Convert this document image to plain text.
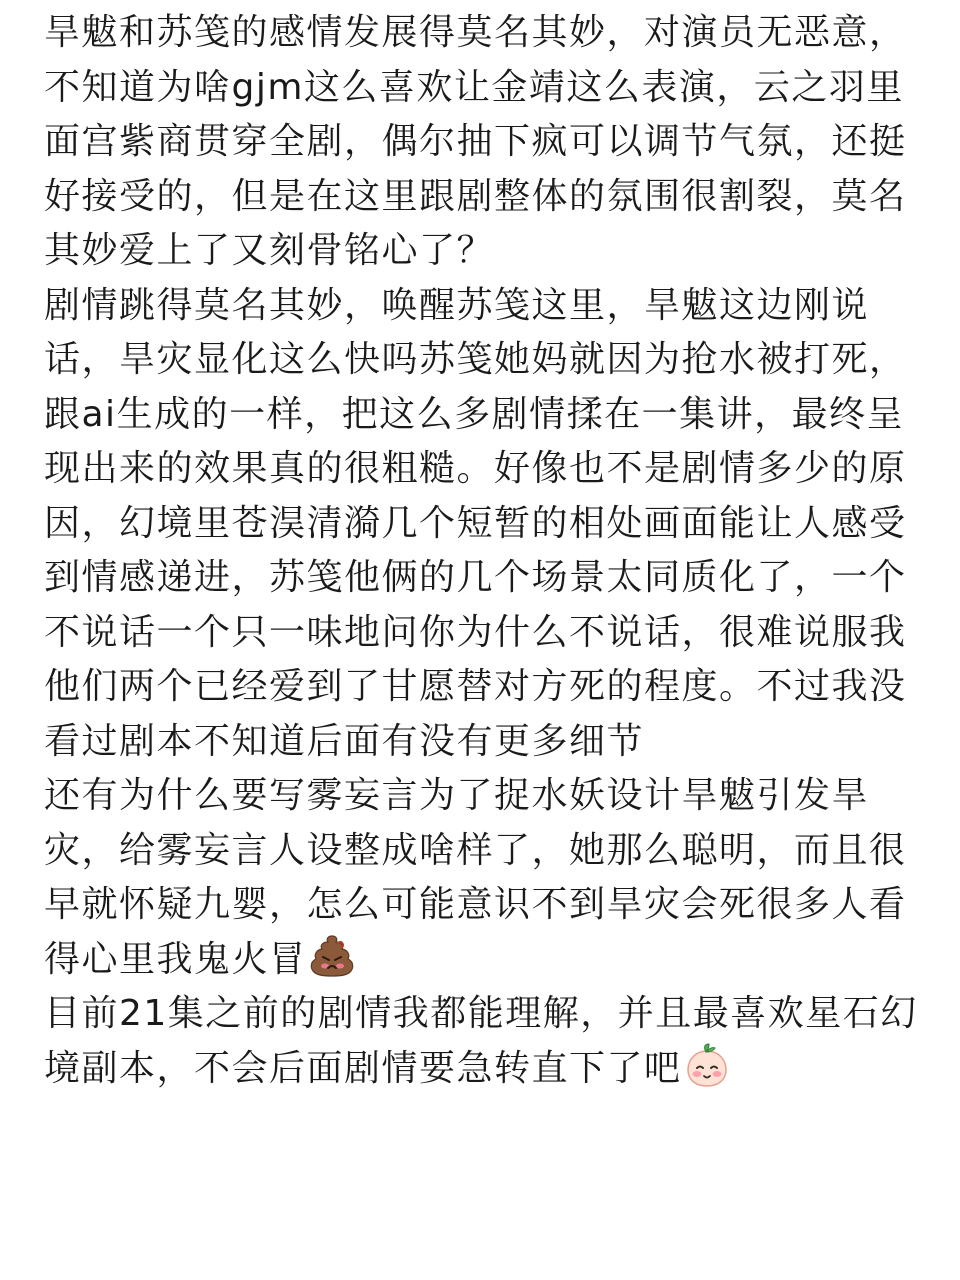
旱魃和苏笺的感情发展得莫名其妙，对演员无恶意，不知道为啥gjm这么喜欢让金靖这么表演，云之羽里面宫紫商贯穿全剧，偶尔抽下疯可以调节气氛，还挺好接受的，但是在这里跟剧整体的氛围很割裂，莫名其妙爱上了又刻骨铭心了？

剧情跳得莫名其妙，唤醒苏笺这里，旱魃这边刚说话，旱灾显化这么快吗苏笺她妈就因为抢水被打死，跟ai生成的一样，把这么多剧情揉在一集讲，最终呈现出来的效果真的很粗糙。好像也不是剧情多少的原因，幻境里苍淏清漪几个短暂的相处画面能让人感受到情感递进，苏笺他俩的几个场景太同质化了，一个不说话一个只一味地问你为什么不说话，很难说服我他们两个已经爱到了甘愿替对方死的程度。不过我没看过剧本不知道后面有没有更多细节

还有为什么要写雾妄言为了捉水妖设计旱魃引发旱灾，给雾妄言人设整成啥样了，她那么聪明，而且很早就怀疑九婴，怎么可能意识不到旱灾会死很多人看得心里我鬼火冒

目前21集之前的剧情我都能理解，并且最喜欢星石幻境副本，不会后面剧情要急转直下了吧
